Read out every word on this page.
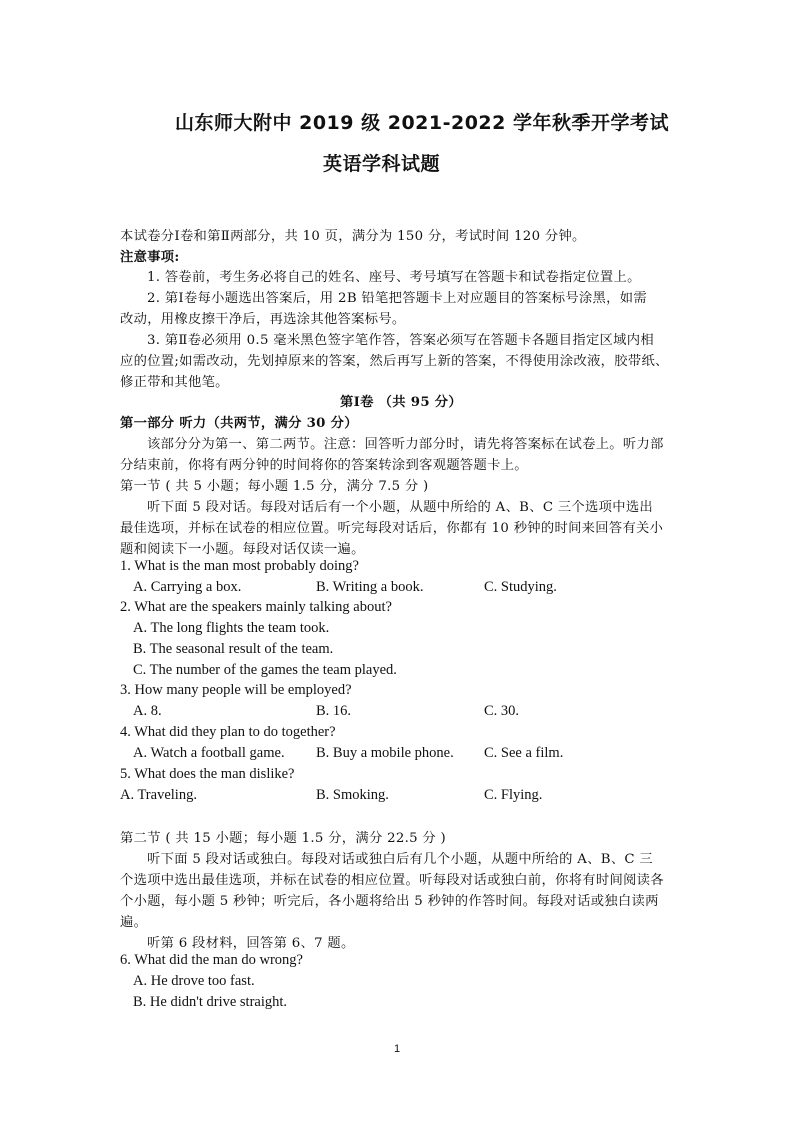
山东师大附中 2019 级 2021-2022 学年秋季开学考试
英语学科试题
本试卷分Ⅰ卷和第Ⅱ两部分，共 10 页，满分为 150 分，考试时间 120 分钟。
注意事项:
1. 答卷前，考生务必将自己的姓名、座号、考号填写在答题卡和试卷指定位置上。
2. 第Ⅰ卷每小题选出答案后，用 2B 铅笔把答题卡上对应题目的答案标号涂黑，如需
改动，用橡皮擦干净后，再选涂其他答案标号。
3. 第Ⅱ卷必须用 0.5 毫米黑色签字笔作答，答案必须写在答题卡各题目指定区域内相
应的位置;如需改动，先划掉原来的答案，然后再写上新的答案，不得使用涂改液，胶带纸、
修正带和其他笔。
第Ⅰ卷 （共 95 分）
第一部分 听力（共两节，满分 30 分）
该部分分为第一、第二两节。注意：回答听力部分时，请先将答案标在试卷上。听力部
分结束前，你将有两分钟的时间将你的答案转涂到客观题答题卡上。
第一节 ( 共 5 小题；每小题 1.5 分，满分 7.5 分 )
听下面 5 段对话。每段对话后有一个小题，从题中所给的 A、B、C 三个选项中选出
最佳选项，并标在试卷的相应位置。听完每段对话后，你都有 10 秒钟的时间来回答有关小
题和阅读下一小题。每段对话仅读一遍。
1. What is the man most probably doing?
A. Carrying a box.	B. Writing a book.	C. Studying.
2. What are the speakers mainly talking about?
A. The long flights the team took.
B. The seasonal result of the team.
C. The number of the games the team played.
3. How many people will be employed?
A. 8.	B. 16.	C. 30.
4. What did they plan to do together?
A. Watch a football game. B. Buy a mobile phone. C. See a film.
5. What does the man dislike?
A. Traveling.	B. Smoking.	C. Flying.
第二节 ( 共 15 小题；每小题 1.5 分，满分 22.5 分 )
听下面 5 段对话或独白。每段对话或独白后有几个小题，从题中所给的 A、B、C 三
个选项中选出最佳选项，并标在试卷的相应位置。听每段对话或独白前，你将有时间阅读各
个小题，每小题 5 秒钟；听完后，各小题将给出 5 秒钟的作答时间。每段对话或独白读两
遍。
听第 6 段材料，回答第 6、7 题。
6. What did the man do wrong?
A. He drove too fast.
B. He didn't drive straight.
1
